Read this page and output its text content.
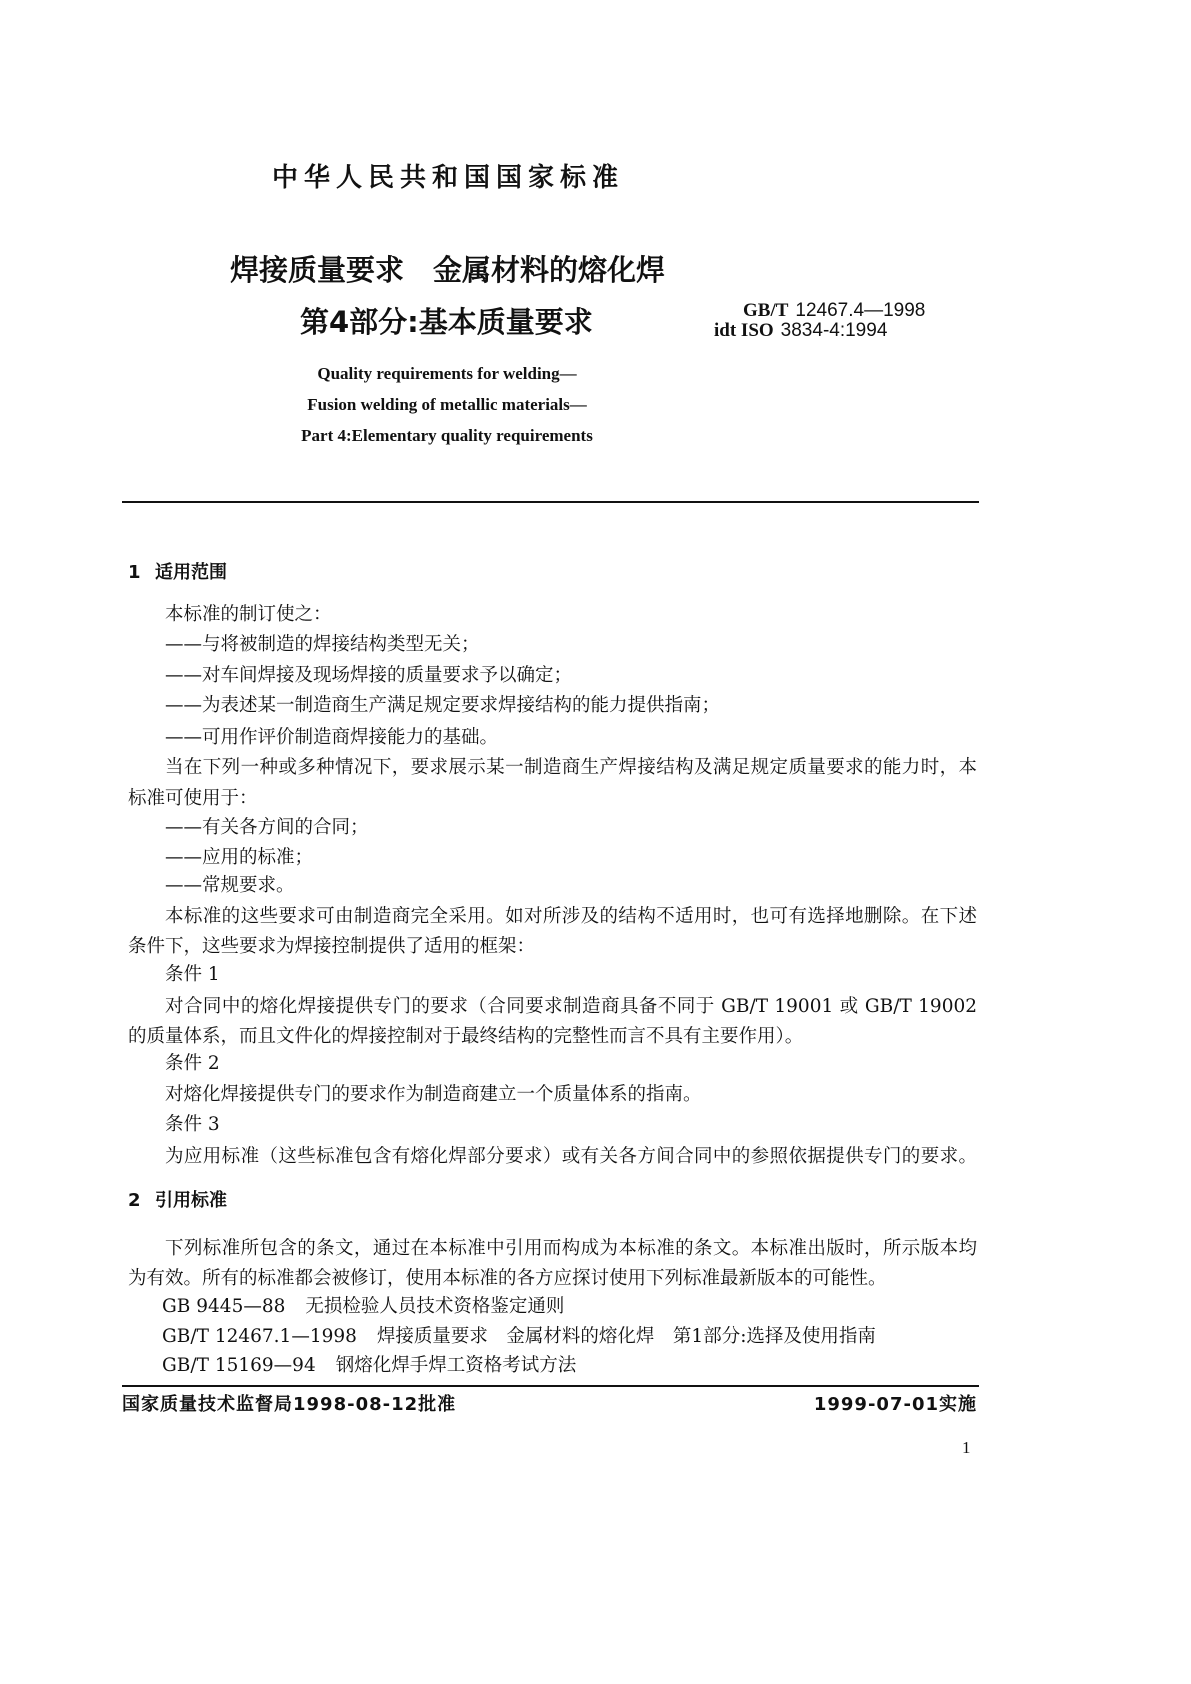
中华人民共和国国家标准
焊接质量要求　金属材料的熔化焊
第4部分:基本质量要求	GB/T 12467.4—1998
idt ISO 3834-4:1994
Quality requirements for welding—
Fusion welding of metallic materials—
Part 4:Elementary quality requirements
1 适用范围
本标准的制订使之：
——与将被制造的焊接结构类型无关；
——对车间焊接及现场焊接的质量要求予以确定；
——为表述某一制造商生产满足规定要求焊接结构的能力提供指南；
——可用作评价制造商焊接能力的基础。
当在下列一种或多种情况下，要求展示某一制造商生产焊接结构及满足规定质量要求的能力时，本
标准可使用于：
——有关各方间的合同；
——应用的标准；
——常规要求。
本标准的这些要求可由制造商完全采用。如对所涉及的结构不适用时，也可有选择地删除。在下述
条件下，这些要求为焊接控制提供了适用的框架：
条件 1
对合同中的熔化焊接提供专门的要求（合同要求制造商具备不同于 GB/T 19001 或 GB/T 19002
的质量体系，而且文件化的焊接控制对于最终结构的完整性而言不具有主要作用）。
条件 2
对熔化焊接提供专门的要求作为制造商建立一个质量体系的指南。
条件 3
为应用标准（这些标准包含有熔化焊部分要求）或有关各方间合同中的参照依据提供专门的要求。
2 引用标准
下列标准所包含的条文，通过在本标准中引用而构成为本标准的条文。本标准出版时，所示版本均
为有效。所有的标准都会被修订，使用本标准的各方应探讨使用下列标准最新版本的可能性。
GB 9445—88 无损检验人员技术资格鉴定通则
GB/T 12467.1—1998 焊接质量要求　金属材料的熔化焊　第1部分:选择及使用指南
GB/T 15169—94 钢熔化焊手焊工资格考试方法
国家质量技术监督局1998-08-12批准	1999-07-01实施
1
